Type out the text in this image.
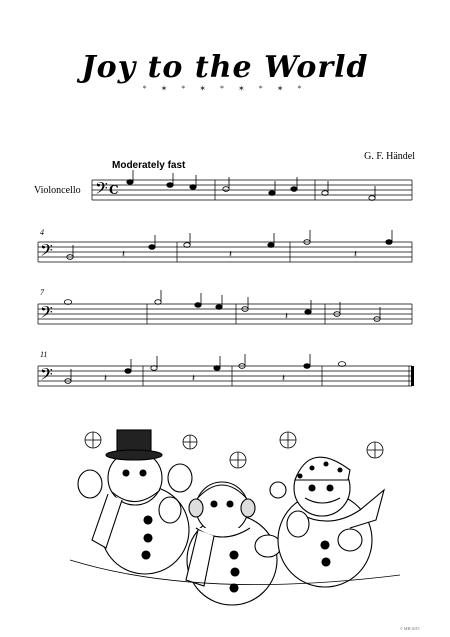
Joy to the World
* ✶ * ✶ * ✶ * ✶ *
G. F. Händel
Moderately fast
Violoncello
4
7
11
𝄢 C
𝄢	𝄽	𝄽	𝄽
𝄢	𝄽
𝄢	𝄽	𝄽	𝄽
© MH 2015
